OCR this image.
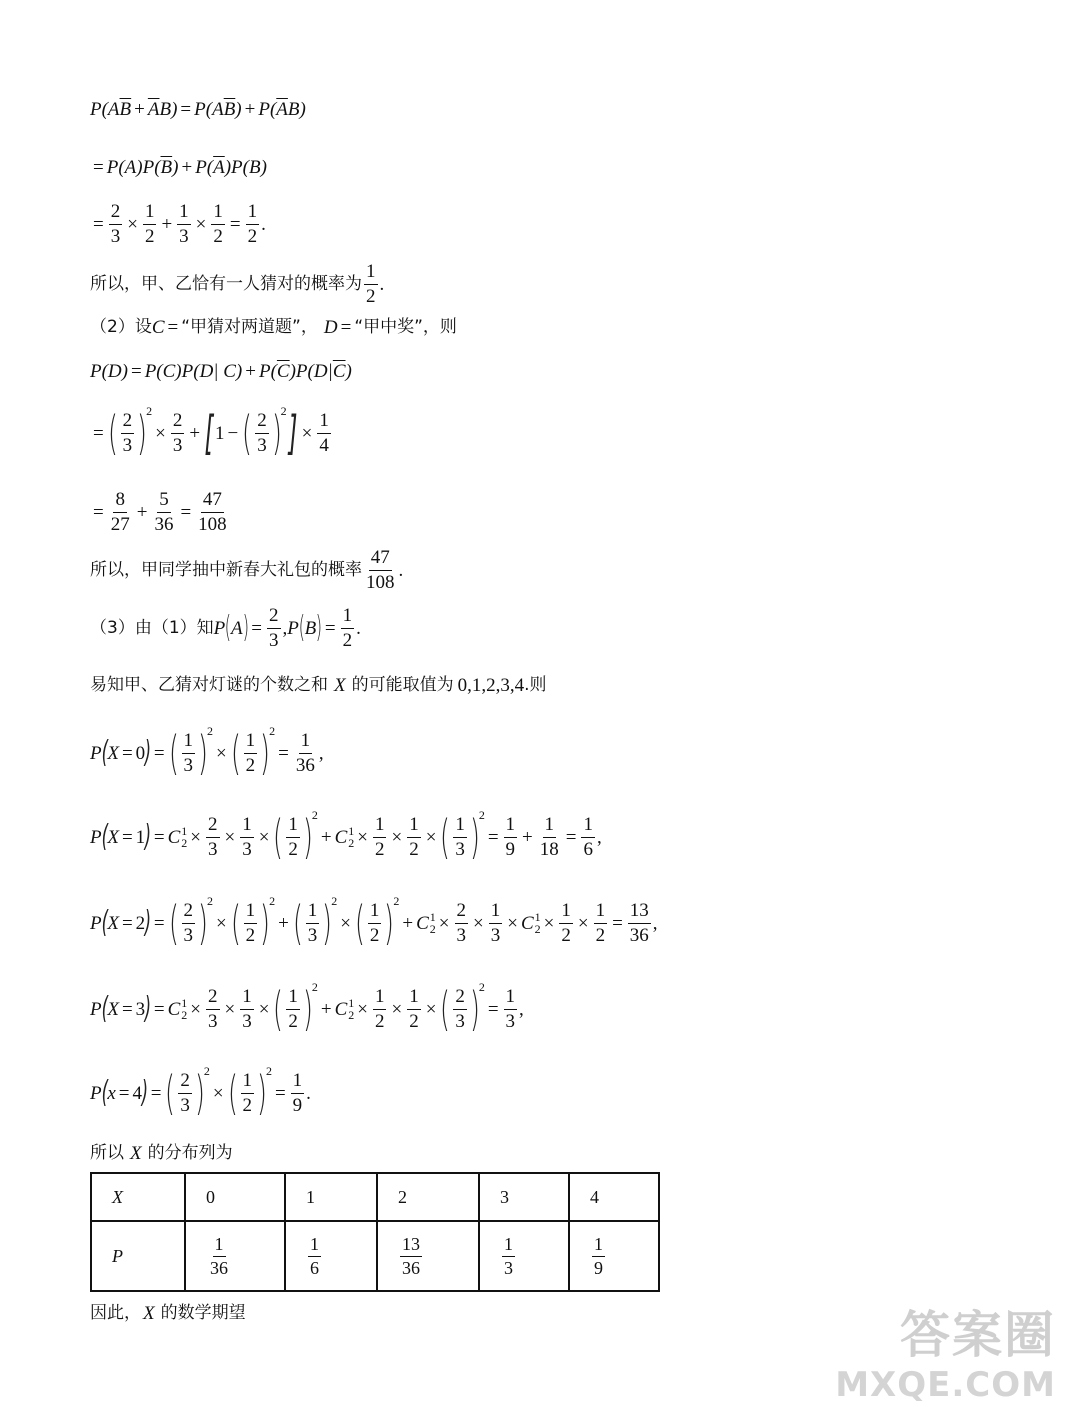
P(A $\overline{B} + \overline{A}$ B) = P(A $\overline{B}$ ) + P( $\overline{A}$ B)
= P(A)P( $\overline{B}$ ) + P( $\overline{A}$ )P(B)
= $\frac{2}{3} \times \frac{1}{2} + \frac{1}{3} \times \frac{1}{2} = \frac{1}{2}$ .
所以，甲、乙恰有一人猜对的概率为 $\frac{1}{2}$ .
（2）设 C = “甲猜对两道题”， D = “甲中奖”，则
P(D) = P(C)P(D| C) + P( $\overline{C}$ )P(D| $\overline{C}$ )
= ( $\frac{2}{3}$ ) 2
× $\frac{2}{3}$ + [ 1 − ( $\frac{2}{3}$ ) 2 ] × $\frac{1}{4}$
= $\frac{8}{27} + \frac{5}{36} = \frac{47}{108}$
所以，甲同学抽中新春大礼包的概率 $\frac{47}{108}$ .
（3）由（1）知 P ( A ) = $\frac{2}{3}$ , P ( B ) = $\frac{1}{2}$ .
易知甲、乙猜对灯谜的个数之和 X 的可能取值为 0,1,2,3,4 .则
P ( X = 0 ) = ( $\frac{1}{3}$ ) 2
× ( $\frac{1}{2}$ ) 2
= $\frac{1}{36}$ ,
P ( X = 1 ) = C 1
$2 \times \frac{2}{3} \times \frac{1}{3}$ × ( $\frac{1}{2}$ ) 2
+ C 1
$2 \times \frac{1}{2} \times \frac{1}{2}$ × ( $\frac{1}{3}$ ) 2
= $\frac{1}{9} + \frac{1}{18} = \frac{1}{6}$ ,
P ( X = 2 ) = ( $\frac{2}{3}$ ) 2
× ( $\frac{1}{2}$ ) 2
+ ( $\frac{1}{3}$ ) 2
× ( $\frac{1}{2}$ ) 2
+ C 1
$2 \times \frac{2}{3} \times \frac{1}{3} \times C$ 1
$2 \times \frac{1}{2} \times \frac{1}{2} = \frac{13}{36}$ ,
P ( X = 3 ) = C 1
$2 \times \frac{2}{3} \times \frac{1}{3}$ × ( $\frac{1}{2}$ ) 2
+ C 1
$2 \times \frac{1}{2} \times \frac{1}{2}$ × ( $\frac{2}{3}$ ) 2
= $\frac{1}{3}$ ,
P ( x = 4 ) = ( $\frac{2}{3}$ ) 2
× ( $\frac{1}{2}$ ) 2
= $\frac{1}{9}$ .
所以 X 的分布列为
X	0	1	2	3	4
P	$\frac{1}{36}$	$\frac{1}{6}$	$\frac{13}{36}$	$\frac{1}{3}$	$\frac{1}{9}$
因此， X 的数学期望	答案圈
MXQE.COM
